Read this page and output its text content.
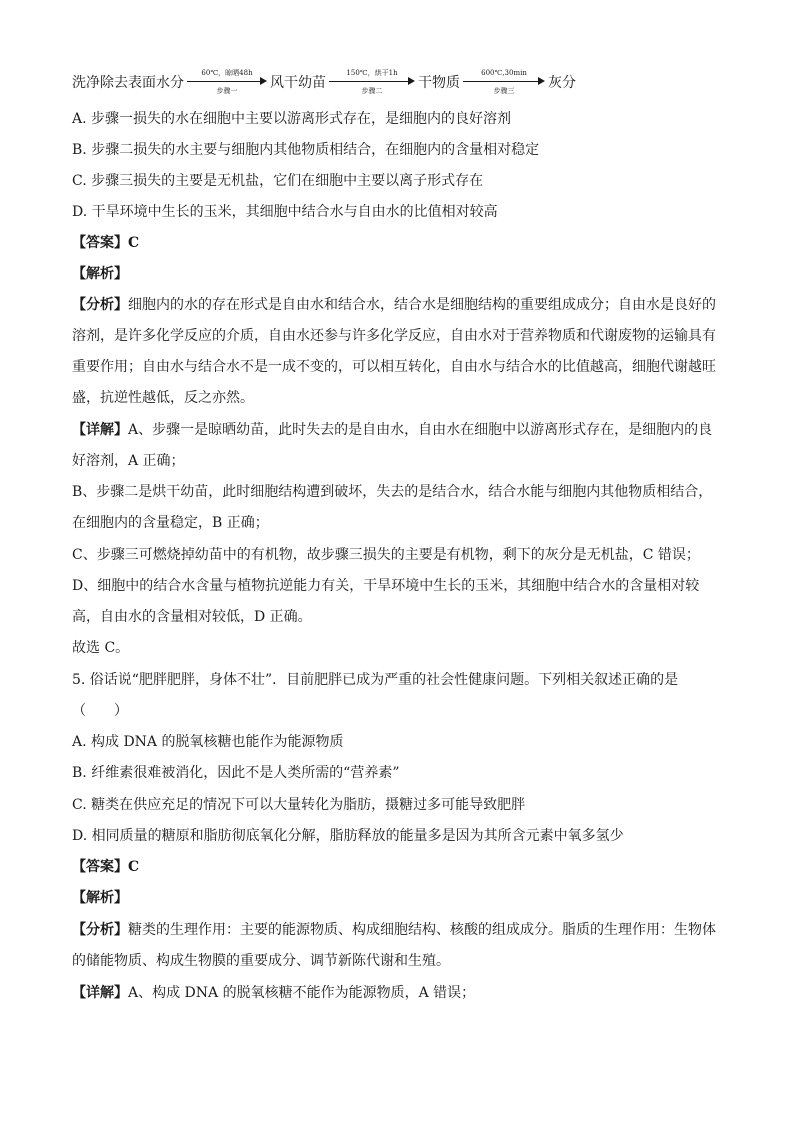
洗净除去表面水分
60℃，晾晒48h
步骤一	风干幼苗
150℃，烘干1h
步骤二	干物质
600℃,30min
步骤三	灰分
A. 步骤一损失的水在细胞中主要以游离形式存在，是细胞内的良好溶剂
B. 步骤二损失的水主要与细胞内其他物质相结合，在细胞内的含量相对稳定
C. 步骤三损失的主要是无机盐，它们在细胞中主要以离子形式存在
D. 干旱环境中生长的玉米，其细胞中结合水与自由水的比值相对较高
【答案】C
【解析】
【分析】细胞内的水的存在形式是自由水和结合水，结合水是细胞结构的重要组成成分；自由水是良好的
溶剂，是许多化学反应的介质，自由水还参与许多化学反应，自由水对于营养物质和代谢废物的运输具有
重要作用；自由水与结合水不是一成不变的，可以相互转化，自由水与结合水的比值越高，细胞代谢越旺
盛，抗逆性越低，反之亦然。
【详解】A、步骤一是晾晒幼苗，此时失去的是自由水，自由水在细胞中以游离形式存在，是细胞内的良
好溶剂，A 正确；
B、步骤二是烘干幼苗，此时细胞结构遭到破坏，失去的是结合水，结合水能与细胞内其他物质相结合，
在细胞内的含量稳定，B 正确；
C、步骤三可燃烧掉幼苗中的有机物，故步骤三损失的主要是有机物，剩下的灰分是无机盐，C 错误；
D、细胞中的结合水含量与植物抗逆能力有关，干旱环境中生长的玉米，其细胞中结合水的含量相对较
高，自由水的含量相对较低，D 正确。
故选 C。
5. 俗话说“肥胖肥胖，身体不壮”．目前肥胖已成为严重的社会性健康问题。下列相关叙述正确的是
（　　）
A. 构成 DNA 的脱氧核糖也能作为能源物质
B. 纤维素很难被消化，因此不是人类所需的“营养素”
C. 糖类在供应充足的情况下可以大量转化为脂肪，摄糖过多可能导致肥胖
D. 相同质量的糖原和脂肪彻底氧化分解，脂肪释放的能量多是因为其所含元素中氧多氢少
【答案】C
【解析】
【分析】糖类的生理作用：主要的能源物质、构成细胞结构、核酸的组成成分。脂质的生理作用：生物体
的储能物质、构成生物膜的重要成分、调节新陈代谢和生殖。
【详解】A、构成 DNA 的脱氧核糖不能作为能源物质，A 错误；
